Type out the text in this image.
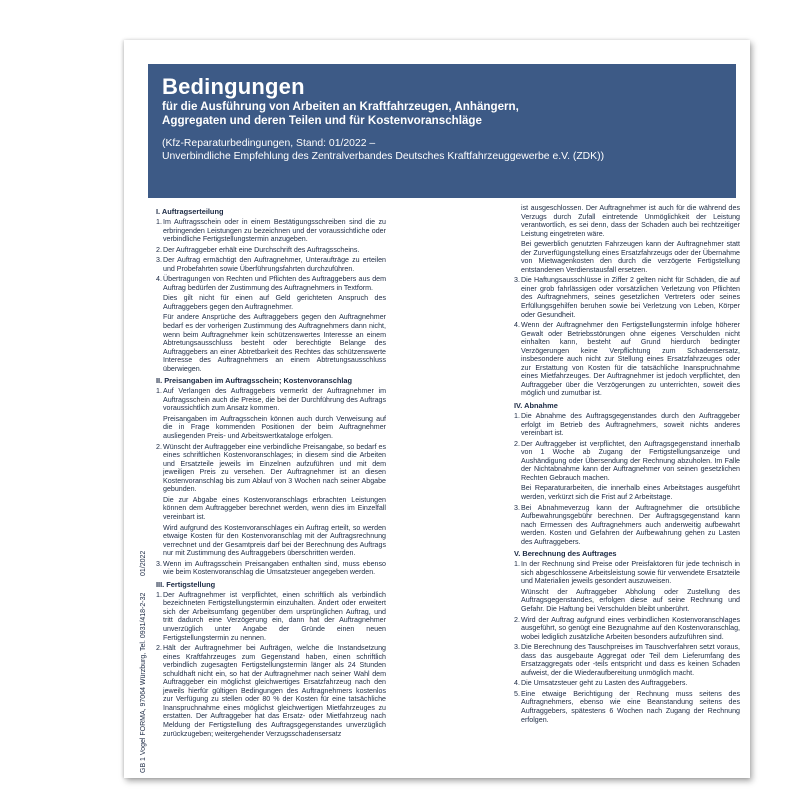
Bedingungen
für die Ausführung von Arbeiten an Kraftfahrzeugen, Anhängern,
Aggregaten und deren Teilen und für Kostenvoranschläge
(Kfz-Reparaturbedingungen, Stand: 01/2022 –
Unverbindliche Empfehlung des Zentralverbandes Deutsches Kraftfahrzeuggewerbe e.V. (ZDK))
GB 1 Vogel FORMA, 97064 Würzburg, Tel. 0931/418-2-32
01/2022
I. Auftragserteilung
1. Im Auftragsschein oder in einem Bestätigungsschreiben sind die zu erbringenden Leistungen zu bezeichnen und der voraussichtliche oder verbindliche Fertigstellungstermin anzugeben.
2. Der Auftraggeber erhält eine Durchschrift des Auftragsscheins.
3. Der Auftrag ermächtigt den Auftragnehmer, Unteraufträge zu erteilen und Probefahrten sowie Überführungsfahrten durchzuführen.
4. Übertragungen von Rechten und Pflichten des Auftraggebers aus dem Auftrag bedürfen der Zustimmung des Auftragnehmers in Textform.
Dies gilt nicht für einen auf Geld gerichteten Anspruch des Auftraggebers gegen den Auftragnehmer.
Für andere Ansprüche des Auftraggebers gegen den Auftragnehmer bedarf es der vorherigen Zustimmung des Auftragnehmers dann nicht, wenn beim Auftragnehmer kein schützenswertes Interesse an einem Abtretungsausschluss besteht oder berechtigte Belange des Auftraggebers an einer Abtretbarkeit des Rechtes das schützenswerte Interesse des Auftragnehmers an einem Abtretungsausschluss überwiegen.
II. Preisangaben im Auftragsschein; Kostenvoranschlag
1. Auf Verlangen des Auftraggebers vermerkt der Auftragnehmer im Auftragsschein auch die Preise, die bei der Durchführung des Auftrags voraussichtlich zum Ansatz kommen.
Preisangaben im Auftragsschein können auch durch Verweisung auf die in Frage kommenden Positionen der beim Auftragnehmer ausliegenden Preis- und Arbeitswertkataloge erfolgen.
2. Wünscht der Auftraggeber eine verbindliche Preisangabe, so bedarf es eines schriftlichen Kostenvoranschlages; in diesem sind die Arbeiten und Ersatzteile jeweils im Einzelnen aufzuführen und mit dem jeweiligen Preis zu versehen. Der Auftragnehmer ist an diesen Kostenvoranschlag bis zum Ablauf von 3 Wochen nach seiner Abgabe gebunden.
Die zur Abgabe eines Kostenvoranschlags erbrachten Leistungen können dem Auftraggeber berechnet werden, wenn dies im Einzelfall vereinbart ist.
Wird aufgrund des Kostenvoranschlages ein Auftrag erteilt, so werden etwaige Kosten für den Kostenvoranschlag mit der Auftragsrechnung verrechnet und der Gesamtpreis darf bei der Berechnung des Auftrags nur mit Zustimmung des Auftraggebers überschritten werden.
3. Wenn im Auftragsschein Preisangaben enthalten sind, muss ebenso wie beim Kostenvoranschlag die Umsatzsteuer angegeben werden.
III. Fertigstellung
1. Der Auftragnehmer ist verpflichtet, einen schriftlich als verbindlich bezeichneten Fertigstellungstermin einzuhalten. Ändert oder erweitert sich der Arbeitsumfang gegenüber dem ursprünglichen Auftrag, und tritt dadurch eine Verzögerung ein, dann hat der Auftragnehmer unverzüglich unter Angabe der Gründe einen neuen Fertigstellungstermin zu nennen.
2. Hält der Auftragnehmer bei Aufträgen, welche die Instandsetzung eines Kraftfahrzeuges zum Gegenstand haben, einen schriftlich verbindlich zugesagten Fertigstellungstermin länger als 24 Stunden schuldhaft nicht ein, so hat der Auftragnehmer nach seiner Wahl dem Auftraggeber ein möglichst gleichwertiges Ersatzfahrzeug nach den jeweils hierfür gültigen Bedingungen des Auftragnehmers kostenlos zur Verfügung zu stellen oder 80 % der Kosten für eine tatsächliche Inanspruchnahme eines möglichst gleichwertigen Mietfahrzeuges zu erstatten. Der Auftraggeber hat das Ersatz- oder Mietfahrzeug nach Meldung der Fertigstellung des Auftragsgegenstandes unverzüglich zurückzugeben; weitergehender Verzugsschadensersatz
ist ausgeschlossen. Der Auftragnehmer ist auch für die während des Verzugs durch Zufall eintretende Unmöglichkeit der Leistung verantwortlich, es sei denn, dass der Schaden auch bei rechtzeitiger Leistung eingetreten wäre.
Bei gewerblich genutzten Fahrzeugen kann der Auftragnehmer statt der Zurverfügungstellung eines Ersatzfahrzeugs oder der Übernahme von Mietwagenkosten den durch die verzögerte Fertigstellung entstandenen Verdienstausfall ersetzen.
3. Die Haftungsausschlüsse in Ziffer 2 gelten nicht für Schäden, die auf einer grob fahrlässigen oder vorsätzlichen Verletzung von Pflichten des Auftragnehmers, seines gesetzlichen Vertreters oder seines Erfüllungsgehilfen beruhen sowie bei Verletzung von Leben, Körper oder Gesundheit.
4. Wenn der Auftragnehmer den Fertigstellungstermin infolge höherer Gewalt oder Betriebsstörungen ohne eigenes Verschulden nicht einhalten kann, besteht auf Grund hierdurch bedingter Verzögerungen keine Verpflichtung zum Schadensersatz, insbesondere auch nicht zur Stellung eines Ersatzfahrzeuges oder zur Erstattung von Kosten für die tatsächliche Inanspruchnahme eines Mietfahrzeuges. Der Auftragnehmer ist jedoch verpflichtet, den Auftraggeber über die Verzögerungen zu unterrichten, soweit dies möglich und zumutbar ist.
IV. Abnahme
1. Die Abnahme des Auftragsgegenstandes durch den Auftraggeber erfolgt im Betrieb des Auftragnehmers, soweit nichts anderes vereinbart ist.
2. Der Auftraggeber ist verpflichtet, den Auftragsgegenstand innerhalb von 1 Woche ab Zugang der Fertigstellungsanzeige und Aushändigung oder Übersendung der Rechnung abzuholen. Im Falle der Nichtabnahme kann der Auftragnehmer von seinen gesetzlichen Rechten Gebrauch machen.
Bei Reparaturarbeiten, die innerhalb eines Arbeitstages ausgeführt werden, verkürzt sich die Frist auf 2 Arbeitstage.
3. Bei Abnahmeverzug kann der Auftragnehmer die ortsübliche Aufbewahrungsgebühr berechnen. Der Auftragsgegenstand kann nach Ermessen des Auftragnehmers auch anderweitig aufbewahrt werden. Kosten und Gefahren der Aufbewahrung gehen zu Lasten des Auftraggebers.
V. Berechnung des Auftrages
1. In der Rechnung sind Preise oder Preisfaktoren für jede technisch in sich abgeschlossene Arbeitsleistung sowie für verwendete Ersatzteile und Materialien jeweils gesondert auszuweisen.
Wünscht der Auftraggeber Abholung oder Zustellung des Auftragsgegenstandes, erfolgen diese auf seine Rechnung und Gefahr. Die Haftung bei Verschulden bleibt unberührt.
2. Wird der Auftrag aufgrund eines verbindlichen Kostenvoranschlages ausgeführt, so genügt eine Bezugnahme auf den Kostenvoranschlag, wobei lediglich zusätzliche Arbeiten besonders aufzuführen sind.
3. Die Berechnung des Tauschpreises im Tauschverfahren setzt voraus, dass das ausgebaute Aggregat oder Teil dem Lieferumfang des Ersatzaggregats oder -teils entspricht und dass es keinen Schaden aufweist, der die Wiederaufbereitung unmöglich macht.
4. Die Umsatzsteuer geht zu Lasten des Auftraggebers.
5. Eine etwaige Berichtigung der Rechnung muss seitens des Auftragnehmers, ebenso wie eine Beanstandung seitens des Auftraggebers, spätestens 6 Wochen nach Zugang der Rechnung erfolgen.
